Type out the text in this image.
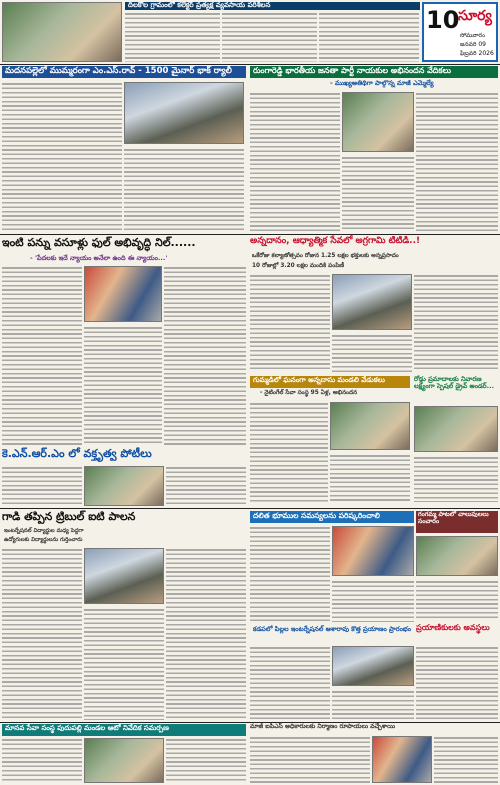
దిలకొల గ్రామంలో కలెక్టర్ ప్రత్యక్ష వ్యవసాయ పరిశీలన
10
సూర్య
సోమవారం
జనవరి 09
ఫిబ్రవరి 2026
మదనపల్లెలో ముమ్మరంగా ఎం.ఎస్.రావ్ - 1500 మైనార్ భాక్ ర్యాలీ	రుంగారెడ్డి భారతీయ జనతా పార్టీ నాయకుల అభినందన వేదికలు
- ముఖ్యఅతిథిగా పాల్గొన్న మాజీ ఎమ్మెల్యే
ఇంటి పన్ను వసూళ్లు ఫుల్ అభివృద్ధి నిల్......
- 'పేదలకు ఇదే న్యాయం అనేలా ఉంది ఈ న్యాయం...'
అన్నదానం, ఆధ్యాత్మిక సేవలో అగ్రగామి టిటిడి..!
ఒకేరోజు కల్యాణోత్సవం రోజున 1.25 లక్షల భక్తులకు అన్నప్రసాదం
10 రోజుల్లో 3.20 లక్షల మందికి పంపిణీ
రోడ్డు ప్రమాదాలకు నివారణ లక్ష్యంగా స్పెషల్ డ్రైవ్ అండర్...
కె.ఎన్.ఆర్.ఎం లో వక్తృత్వ పోటీలు
గుమ్మడిలో ఘనంగా అన్నదాసు మండలి వేడుకలు
- నైటింగేల్ సేవా సంస్థ 95 ఏళ్ల, అభినందన
గాడి తప్పిన ట్రిబుల్ ఐటి పాలన
ఇంటర్నేషనల్ విద్యార్థుల మధ్య పెద్దగా
ఉద్యోగులకు విద్యార్థులను గుర్తించారు
దలిత భూముల సమస్యలను పరిష్కరించాలి	గంగమ్మ పాటలో చాలుపులలు సంచారం
ప్రయాణికులకు అవస్థలు
కడపలో పిల్లల ఇంటర్నేషనల్ ఆశారావు కొత్త ప్రయాణం ప్రారంభం
మానవ సేవా సంస్థ పుదుపల్లి మండల ఆటో నివేదిక సమర్పణ	మాజీ ఐపిఎస్ అధికారులకు నిర్మాణం రూపాయలు వచ్చేశాయి
